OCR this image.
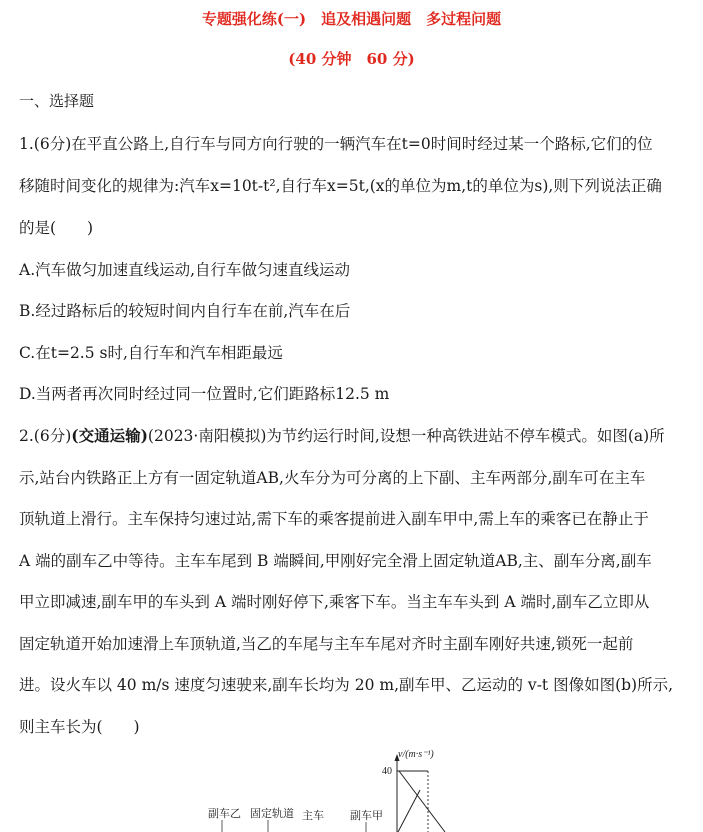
专题强化练(一)　追及相遇问题　多过程问题
(40 分钟　60 分)
一、选择题
1.(6分)在平直公路上,自行车与同方向行驶的一辆汽车在t=0时间时经过某一个路标,它们的位
移随时间变化的规律为:汽车x=10t-t²,自行车x=5t,(x的单位为m,t的单位为s),则下列说法正确
的是(　　)
A.汽车做匀加速直线运动,自行车做匀速直线运动
B.经过路标后的较短时间内自行车在前,汽车在后
C.在t=2.5 s时,自行车和汽车相距最远
D.当两者再次同时经过同一位置时,它们距路标12.5 m
2.(6分)(交通运输)(2023·南阳模拟)为节约运行时间,设想一种高铁进站不停车模式。如图(a)所
示,站台内铁路正上方有一固定轨道AB,火车分为可分离的上下副、主车两部分,副车可在主车
顶轨道上滑行。主车保持匀速过站,需下车的乘客提前进入副车甲中,需上车的乘客已在静止于
A 端的副车乙中等待。主车车尾到 B 端瞬间,甲刚好完全滑上固定轨道AB,主、副车分离,副车
甲立即减速,副车甲的车头到 A 端时刚好停下,乘客下车。当主车车头到 A 端时,副车乙立即从
固定轨道开始加速滑上车顶轨道,当乙的车尾与主车车尾对齐时主副车刚好共速,锁死一起前
进。设火车以 40 m/s 速度匀速驶来,副车长均为 20 m,副车甲、乙运动的 v-t 图像如图(b)所示,
则主车长为(　　)
副车乙 固定轨道 主车 副车甲
v/(m·s⁻¹)
40
